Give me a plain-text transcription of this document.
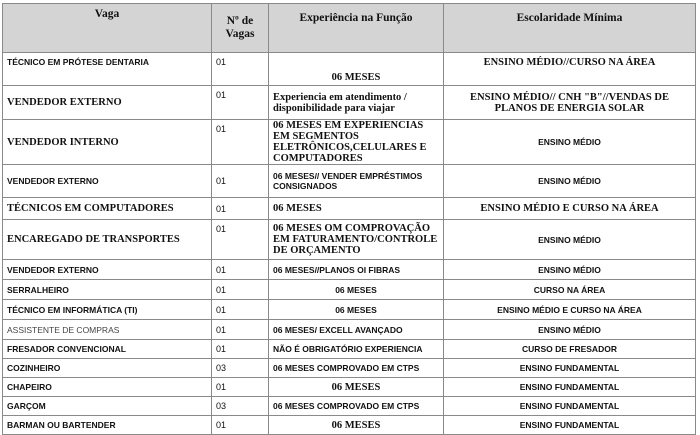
Vaga	Nº de Vagas	Experiência na Função	Escolaridade Mínima
TÉCNICO EM PRÓTESE DENTARIA	01	06 MESES	ENSINO MÉDIO//CURSO NA ÁREA
VENDEDOR EXTERNO	01	Experiencia em atendimento / disponibilidade para viajar	ENSINO MÉDIO// CNH "B"//VENDAS DE PLANOS DE ENERGIA SOLAR
VENDEDOR INTERNO	01	06 MESES EM EXPERIENCIAS EM SEGMENTOS ELETRÔNICOS,CELULARES E COMPUTADORES	ENSINO MÉDIO
VENDEDOR EXTERNO	01	06 MESES// VENDER EMPRÉSTIMOS CONSIGNADOS	ENSINO MÉDIO
TÉCNICOS EM COMPUTADORES	01	06 MESES	ENSINO MÉDIO E CURSO NA ÁREA
ENCAREGADO DE TRANSPORTES	01	06 MESES OM COMPROVAÇÃO EM FATURAMENTO/CONTROLE DE ORÇAMENTO	ENSINO MÉDIO
VENDEDOR EXTERNO	01	06 MESES//PLANOS OI FIBRAS	ENSINO MÉDIO
SERRALHEIRO	01	06 MESES	CURSO NA ÁREA
TÉCNICO EM INFORMÁTICA (TI)	01	06 MESES	ENSINO MÉDIO E CURSO NA ÁREA
ASSISTENTE DE COMPRAS	01	06 MESES/ EXCELL AVANÇADO	ENSINO MÉDIO
FRESADOR CONVENCIONAL	01	NÃO É OBRIGATÓRIO EXPERIENCIA	CURSO DE FRESADOR
COZINHEIRO	03	06 MESES COMPROVADO EM CTPS	ENSINO FUNDAMENTAL
CHAPEIRO	01	06 MESES	ENSINO FUNDAMENTAL
GARÇOM	03	06 MESES COMPROVADO EM CTPS	ENSINO FUNDAMENTAL
BARMAN OU BARTENDER	01	06 MESES	ENSINO FUNDAMENTAL
